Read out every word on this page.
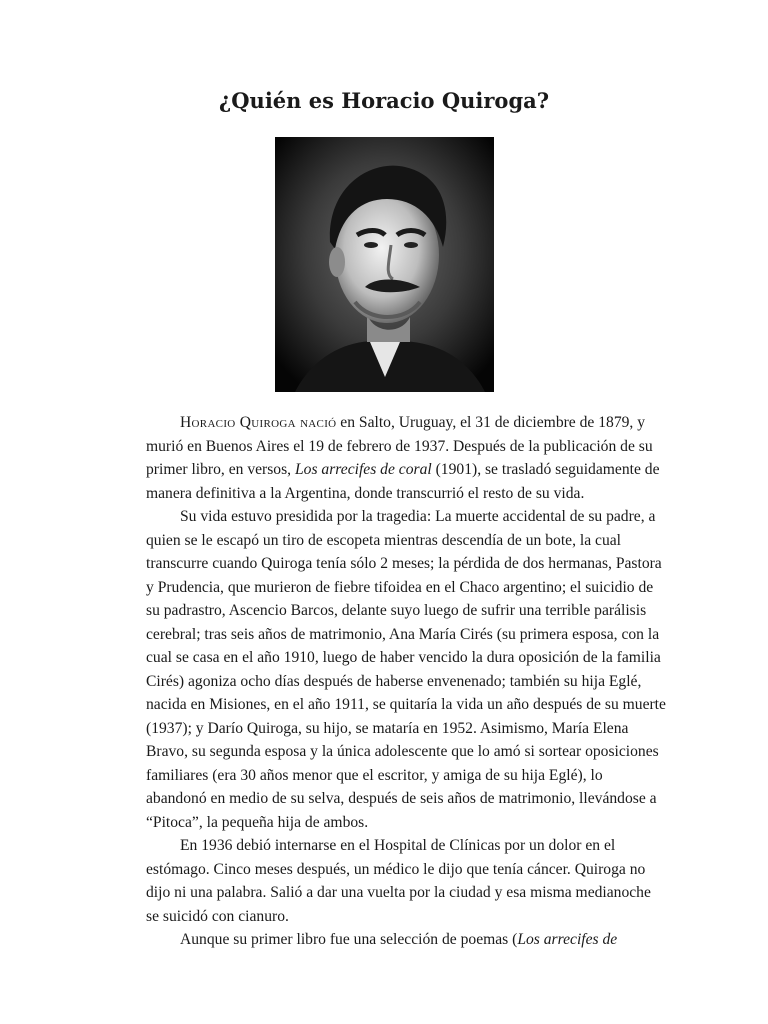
¿Quién es Horacio Quiroga?

Horacio Quiroga nació en Salto, Uruguay, el 31 de diciembre de 1879, y murió en Buenos Aires el 19 de febrero de 1937. Después de la publicación de su primer libro, en versos, Los arrecifes de coral (1901), se trasladó seguidamente de manera definitiva a la Argentina, donde transcurrió el resto de su vida.

Su vida estuvo presidida por la tragedia: La muerte accidental de su padre, a quien se le escapó un tiro de escopeta mientras descendía de un bote, la cual transcurre cuando Quiroga tenía sólo 2 meses; la pérdida de dos hermanas, Pastora y Prudencia, que murieron de fiebre tifoidea en el Chaco argentino; el suicidio de su padrastro, Ascencio Barcos, delante suyo luego de sufrir una terrible parálisis cerebral; tras seis años de matrimonio, Ana María Cirés (su primera esposa, con la cual se casa en el año 1910, luego de haber vencido la dura oposición de la familia Cirés) agoniza ocho días después de haberse envenenado; también su hija Eglé, nacida en Misiones, en el año 1911, se quitaría la vida un año después de su muerte (1937); y Darío Quiroga, su hijo, se mataría en 1952. Asimismo, María Elena Bravo, su segunda esposa y la única adolescente que lo amó si sortear oposiciones familiares (era 30 años menor que el escritor, y amiga de su hija Eglé), lo abandonó en medio de su selva, después de seis años de matrimonio, llevándose a “Pitoca”, la pequeña hija de ambos.

En 1936 debió internarse en el Hospital de Clínicas por un dolor en el estómago. Cinco meses después, un médico le dijo que tenía cáncer. Quiroga no dijo ni una palabra. Salió a dar una vuelta por la ciudad y esa misma medianoche se suicidó con cianuro.

Aunque su primer libro fue una selección de poemas (Los arrecifes de
